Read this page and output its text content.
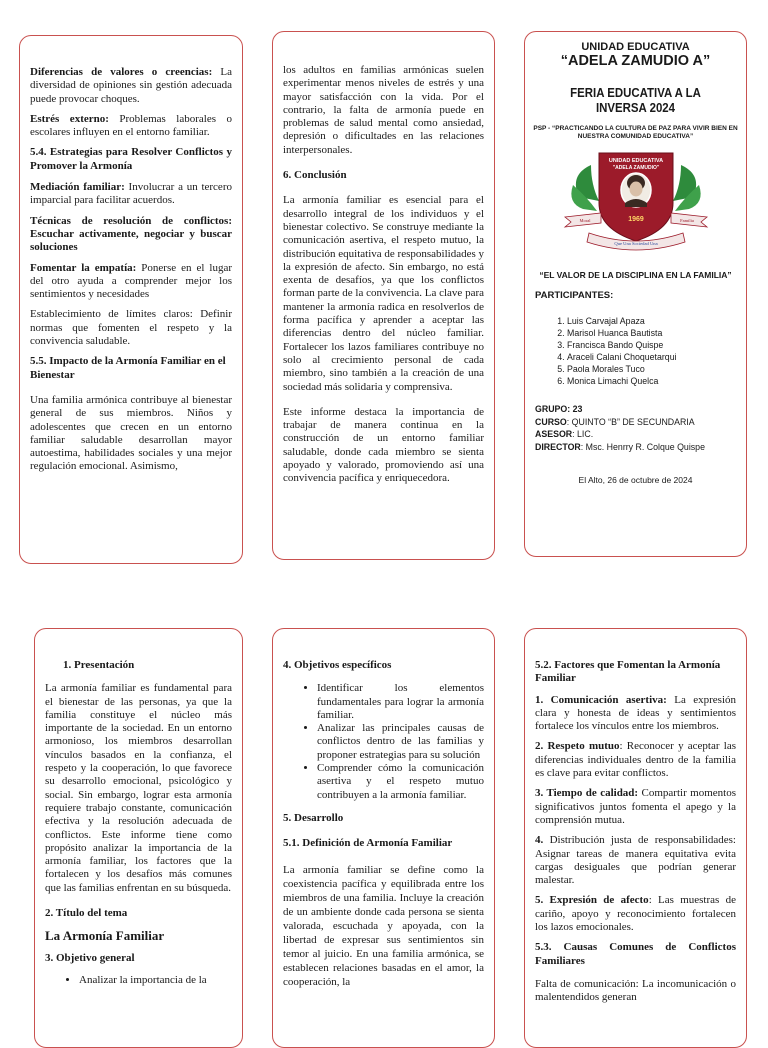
Diferencias de valores o creencias: La diversidad de opiniones sin gestión adecuada puede provocar choques.

Estrés externo: Problemas laborales o escolares influyen en el entorno familiar.

5.4. Estrategias para Resolver Conflictos y Promover la Armonía

Mediación familiar: Involucrar a un tercero imparcial para facilitar acuerdos.

Técnicas de resolución de conflictos: Escuchar activamente, negociar y buscar soluciones

Fomentar la empatía: Ponerse en el lugar del otro ayuda a comprender mejor los sentimientos y necesidades

Establecimiento de límites claros: Definir normas que fomenten el respeto y la convivencia saludable.

5.5. Impacto de la Armonía Familiar en el Bienestar

Una familia armónica contribuye al bienestar general de sus miembros. Niños y adolescentes que crecen en un entorno familiar saludable desarrollan mayor autoestima, habilidades sociales y una mejor regulación emocional. Asimismo,

los adultos en familias armónicas suelen experimentar menos niveles de estrés y una mayor satisfacción con la vida. Por el contrario, la falta de armonía puede en problemas de salud mental como ansiedad, depresión o dificultades en las relaciones interpersonales.

6. Conclusión

La armonía familiar es esencial para el desarrollo integral de los individuos y el bienestar colectivo. Se construye mediante la comunicación asertiva, el respeto mutuo, la distribución equitativa de responsabilidades y la expresión de afecto. Sin embargo, no está exenta de desafíos, ya que los conflictos forman parte de la convivencia. La clave para mantener la armonía radica en resolverlos de forma pacífica y aprender a aceptar las diferencias dentro del núcleo familiar. Fortalecer los lazos familiares contribuye no solo al crecimiento personal de cada miembro, sino también a la creación de una sociedad más solidaria y comprensiva.

Este informe destaca la importancia de trabajar de manera continua en la construcción de un entorno familiar saludable, donde cada miembro se sienta apoyado y valorado, promoviendo así una convivencia pacífica y enriquecedora.

UNIDAD EDUCATIVA
“ADELA ZAMUDIO A”
FERIA EDUCATIVA A LA INVERSA 2024
PSP - “PRACTICANDO LA CULTURA DE PAZ PARA VIVIR BIEN EN NUESTRA COMUNIDAD EDUCATIVA”
UNIDAD EDUCATIVA
"ADELA ZAMUDIO"
1969
Moral	Familia
Que Una Sociedad Una
“EL VALOR DE LA DISCIPLINA EN LA FAMILIA”
PARTICIPANTES:
1. Luis Carvajal Apaza
2. Marisol Huanca Bautista
3. Francisca Bando Quispe
4. Araceli Calani Choquetarqui
5. Paola Morales Tuco
6. Monica Limachi Quelca
GRUPO: 23
CURSO: QUINTO “B” DE SECUNDARIA
ASESOR: LIC.
DIRECTOR: Msc. Henrry R. Colque Quispe
El Alto, 26 de octubre de 2024

1. Presentación

La armonía familiar es fundamental para el bienestar de las personas, ya que la familia constituye el núcleo más importante de la sociedad. En un entorno armonioso, los miembros desarrollan vínculos basados en la confianza, el respeto y la cooperación, lo que favorece su desarrollo emocional, psicológico y social. Sin embargo, lograr esta armonía requiere trabajo constante, comunicación efectiva y la resolución adecuada de conflictos. Este informe tiene como propósito analizar la importancia de la armonía familiar, los factores que la fortalecen y los desafíos más comunes que las familias enfrentan en su búsqueda.

2. Título del tema

La Armonía Familiar

3. Objetivo general

• Analizar la importancia de la

4. Objetivos específicos

• Identificar los elementos fundamentales para lograr la armonía familiar.
• Analizar las principales causas de conflictos dentro de las familias y proponer estrategias para su solución
• Comprender cómo la comunicación asertiva y el respeto mutuo contribuyen a la armonía familiar.

5. Desarrollo

5.1. Definición de Armonía Familiar

La armonía familiar se define como la coexistencia pacífica y equilibrada entre los miembros de una familia. Incluye la creación de un ambiente donde cada persona se sienta valorada, escuchada y apoyada, con la libertad de expresar sus sentimientos sin temor al juicio. En una familia armónica, se establecen relaciones basadas en el amor, la cooperación, la

5.2. Factores que Fomentan la Armonía Familiar

1. Comunicación asertiva: La expresión clara y honesta de ideas y sentimientos fortalece los vínculos entre los miembros.

2. Respeto mutuo: Reconocer y aceptar las diferencias individuales dentro de la familia es clave para evitar conflictos.

3. Tiempo de calidad: Compartir momentos significativos juntos fomenta el apego y la comprensión mutua.

4. Distribución justa de responsabilidades: Asignar tareas de manera equitativa evita cargas desiguales que podrían generar malestar.

5. Expresión de afecto: Las muestras de cariño, apoyo y reconocimiento fortalecen los lazos emocionales.

5.3. Causas Comunes de Conflictos Familiares

Falta de comunicación: La incomunicación o malentendidos generan
